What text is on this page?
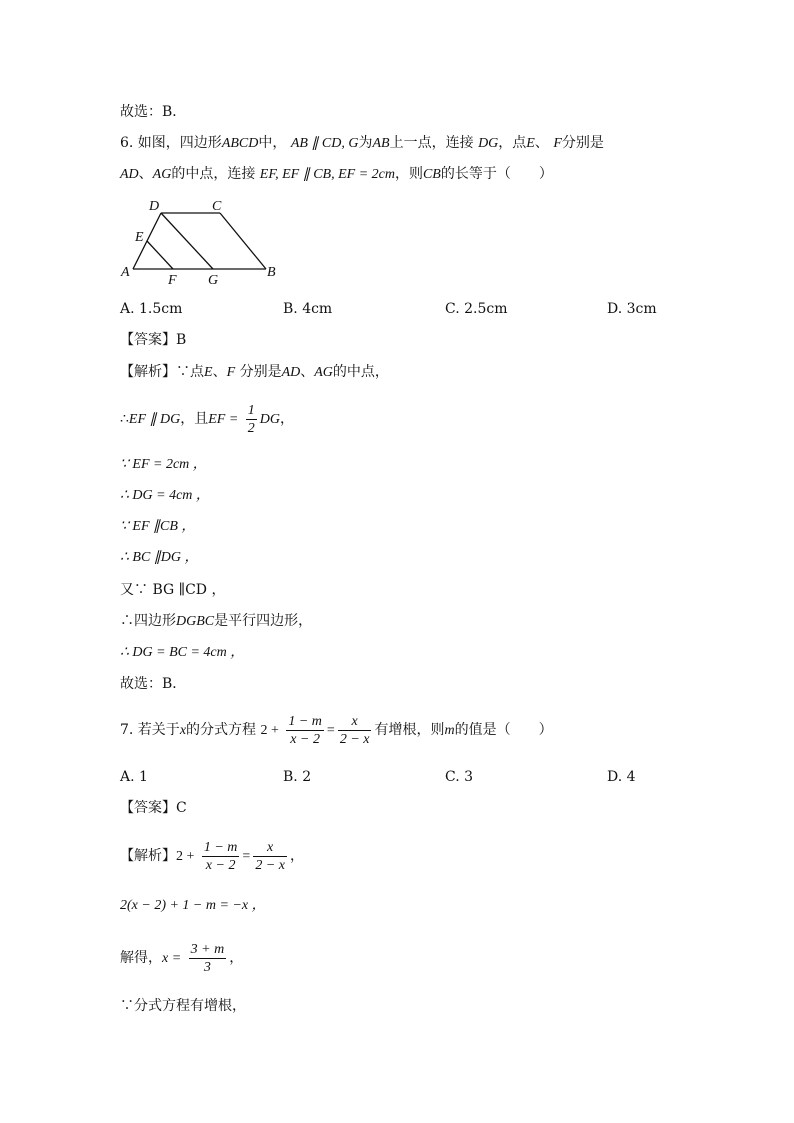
故选：B．
6. 如图，四边形ABCD中， AB ∥ CD, G为AB上一点，连接 DG，点E、 F分别是
AD、AG的中点，连接 EF, EF ∥ CB, EF = 2cm，则CB的长等于（　　）
D	C
E
A
F G
B
A. 1.5cm	B. 4cm	C. 2.5cm	D. 3cm
【答案】B
【解析】∵点E、F 分别是AD、AG的中点，
∴EF ∥ DG，且EF = $\frac{1}{2}$ DG，
∵ EF = 2cm ，
∴ DG = 4cm ，
∵ EF ∥CB ，
∴ BC ∥DG ，
又∵ BG ∥CD ，
∴四边形DGBC是平行四边形，
∴ DG = BC = 4cm ，
故选：B．
7. 若关于x的分式方程 $2 + \frac{1 - m}{x - 2} = \frac{x}{2 - x}$ 有增根，则m的值是（　　）
A. 1	B. 2	C. 3	D. 4
【答案】C
【解析】$2 + \frac{1 - m}{x - 2} = \frac{x}{2 - x}$ ，
2(x − 2) + 1 − m = −x ，
解得，$x = \frac{3 + m}{3}$ ，
∵分式方程有增根，
